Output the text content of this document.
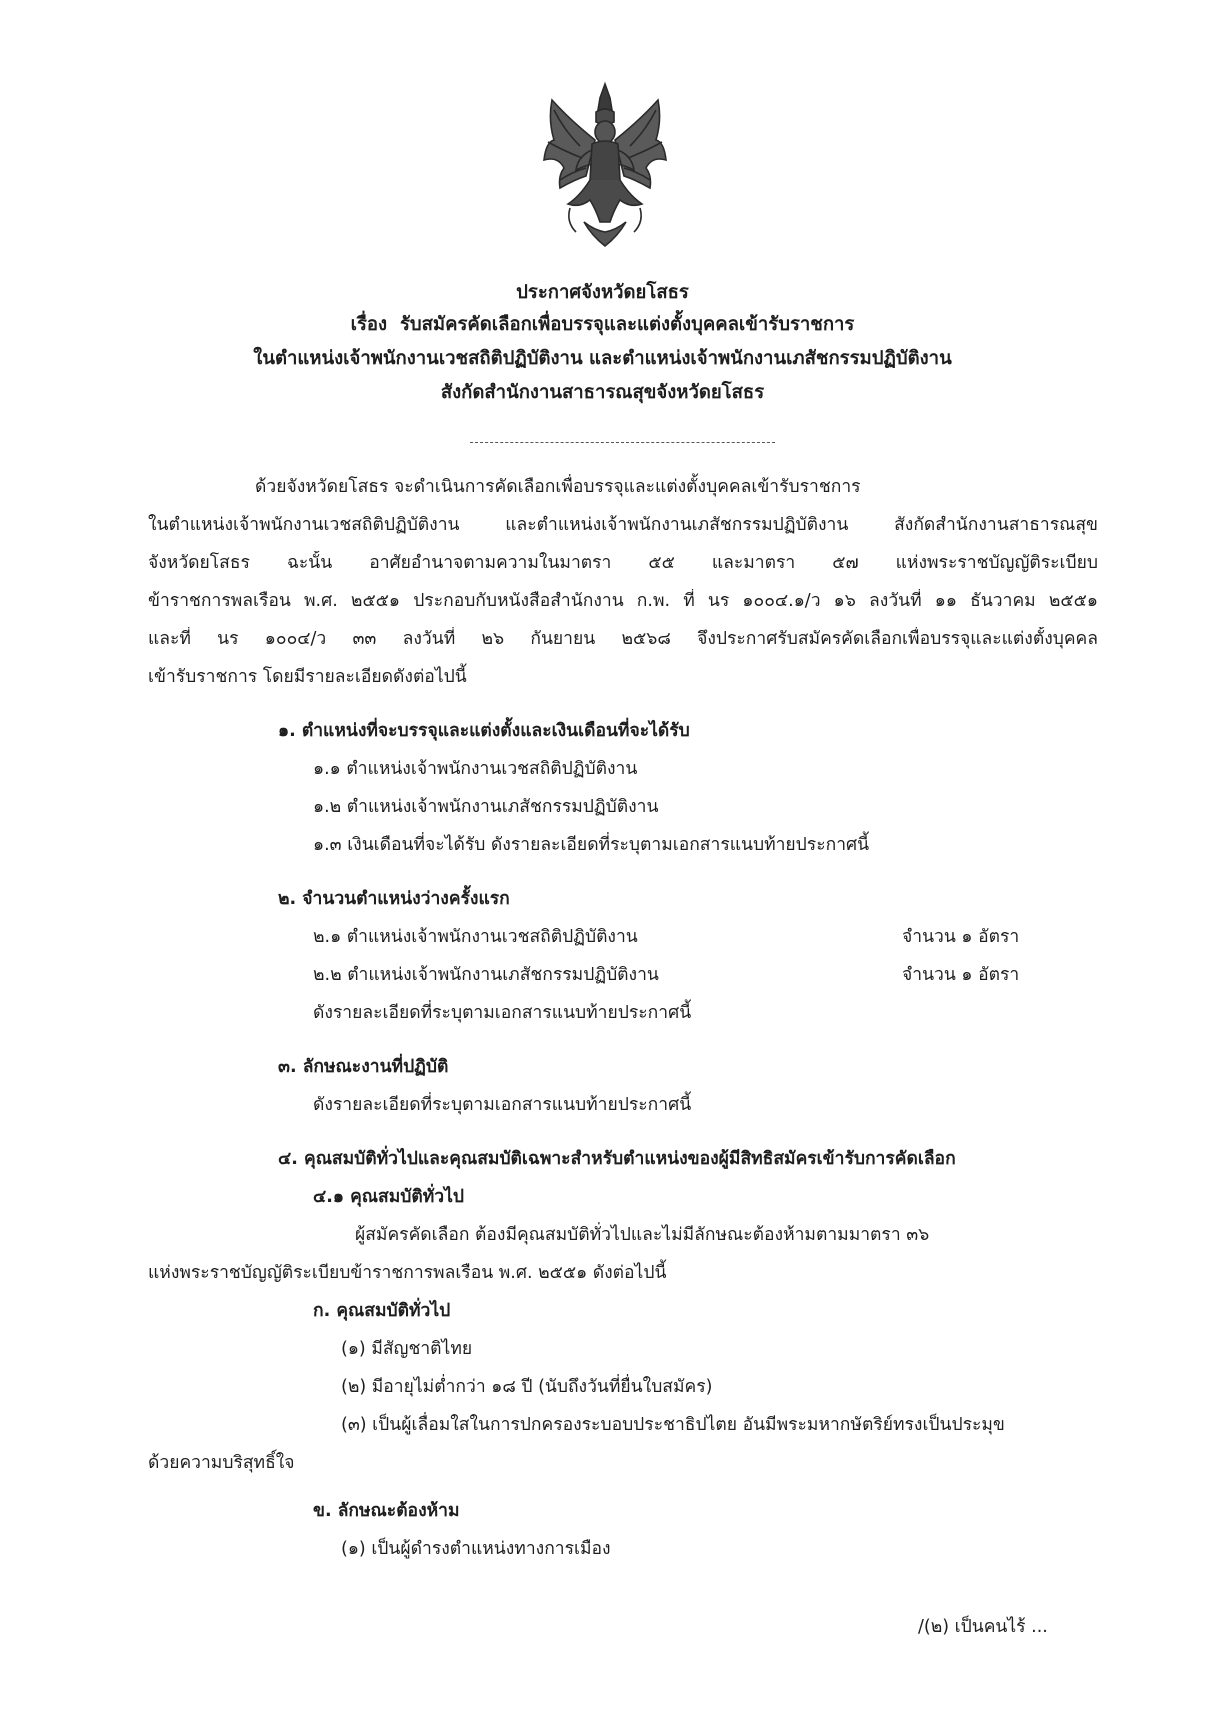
ประกาศจังหวัดยโสธร
เรื่อง รับสมัครคัดเลือกเพื่อบรรจุและแต่งตั้งบุคคลเข้ารับราชการ
ในตำแหน่งเจ้าพนักงานเวชสถิติปฏิบัติงาน และตำแหน่งเจ้าพนักงานเภสัชกรรมปฏิบัติงาน
สังกัดสำนักงานสาธารณสุขจังหวัดยโสธร
ด้วยจังหวัดยโสธร จะดำเนินการคัดเลือกเพื่อบรรจุและแต่งตั้งบุคคลเข้ารับราชการ
ในตำแหน่งเจ้าพนักงานเวชสถิติปฏิบัติงาน และตำแหน่งเจ้าพนักงานเภสัชกรรมปฏิบัติงาน สังกัดสำนักงานสาธารณสุข
จังหวัดยโสธร ฉะนั้น อาศัยอำนาจตามความในมาตรา ๕๕ และมาตรา ๕๗ แห่งพระราชบัญญัติระเบียบ
ข้าราชการพลเรือน พ.ศ. ๒๕๕๑ ประกอบกับหนังสือสำนักงาน ก.พ. ที่ นร ๑๐๐๔.๑/ว ๑๖ ลงวันที่ ๑๑ ธันวาคม ๒๕๕๑
และที่ นร ๑๐๐๔/ว ๓๓ ลงวันที่ ๒๖ กันยายน ๒๕๖๘ จึงประกาศรับสมัครคัดเลือกเพื่อบรรจุและแต่งตั้งบุคคล
เข้ารับราชการ โดยมีรายละเอียดดังต่อไปนี้
๑. ตำแหน่งที่จะบรรจุและแต่งตั้งและเงินเดือนที่จะได้รับ
๑.๑ ตำแหน่งเจ้าพนักงานเวชสถิติปฏิบัติงาน
๑.๒ ตำแหน่งเจ้าพนักงานเภสัชกรรมปฏิบัติงาน
๑.๓ เงินเดือนที่จะได้รับ ดังรายละเอียดที่ระบุตามเอกสารแนบท้ายประกาศนี้
๒. จำนวนตำแหน่งว่างครั้งแรก
๒.๑ ตำแหน่งเจ้าพนักงานเวชสถิติปฏิบัติงาน	จำนวน ๑ อัตรา
๒.๒ ตำแหน่งเจ้าพนักงานเภสัชกรรมปฏิบัติงาน	จำนวน ๑ อัตรา
ดังรายละเอียดที่ระบุตามเอกสารแนบท้ายประกาศนี้
๓. ลักษณะงานที่ปฏิบัติ
ดังรายละเอียดที่ระบุตามเอกสารแนบท้ายประกาศนี้
๔. คุณสมบัติทั่วไปและคุณสมบัติเฉพาะสำหรับตำแหน่งของผู้มีสิทธิสมัครเข้ารับการคัดเลือก
๔.๑ คุณสมบัติทั่วไป
ผู้สมัครคัดเลือก ต้องมีคุณสมบัติทั่วไปและไม่มีลักษณะต้องห้ามตามมาตรา ๓๖
แห่งพระราชบัญญัติระเบียบข้าราชการพลเรือน พ.ศ. ๒๕๕๑ ดังต่อไปนี้
ก. คุณสมบัติทั่วไป
(๑) มีสัญชาติไทย
(๒) มีอายุไม่ต่ำกว่า ๑๘ ปี (นับถึงวันที่ยื่นใบสมัคร)
(๓) เป็นผู้เลื่อมใสในการปกครองระบอบประชาธิปไตย อันมีพระมหากษัตริย์ทรงเป็นประมุข
ด้วยความบริสุทธิ์ใจ
ข. ลักษณะต้องห้าม
(๑) เป็นผู้ดำรงตำแหน่งทางการเมือง
/(๒) เป็นคนไร้ ...
